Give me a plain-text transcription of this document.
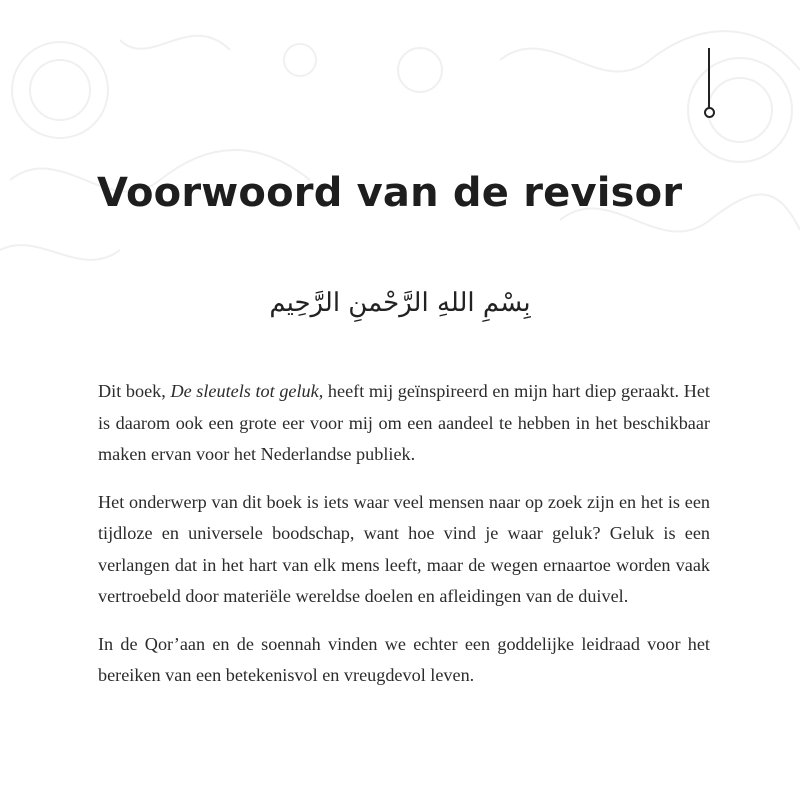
Voorwoord van de revisor
بِسْمِ اللهِ الرَّحْمنِ الرَّحِيم

Dit boek, De sleutels tot geluk, heeft mij geïnspireerd en mijn hart diep geraakt. Het is daarom ook een grote eer voor mij om een aandeel te hebben in het beschikbaar maken ervan voor het Nederlandse publiek.

Het onderwerp van dit boek is iets waar veel mensen naar op zoek zijn en het is een tijdloze en universele boodschap, want hoe vind je waar geluk? Geluk is een verlangen dat in het hart van elk mens leeft, maar de wegen ernaartoe worden vaak vertroebeld door materiële wereldse doelen en afleidingen van de duivel.

In de Qor’aan en de soennah vinden we echter een goddelijke leidraad voor het bereiken van een betekenisvol en vreugdevol leven.
